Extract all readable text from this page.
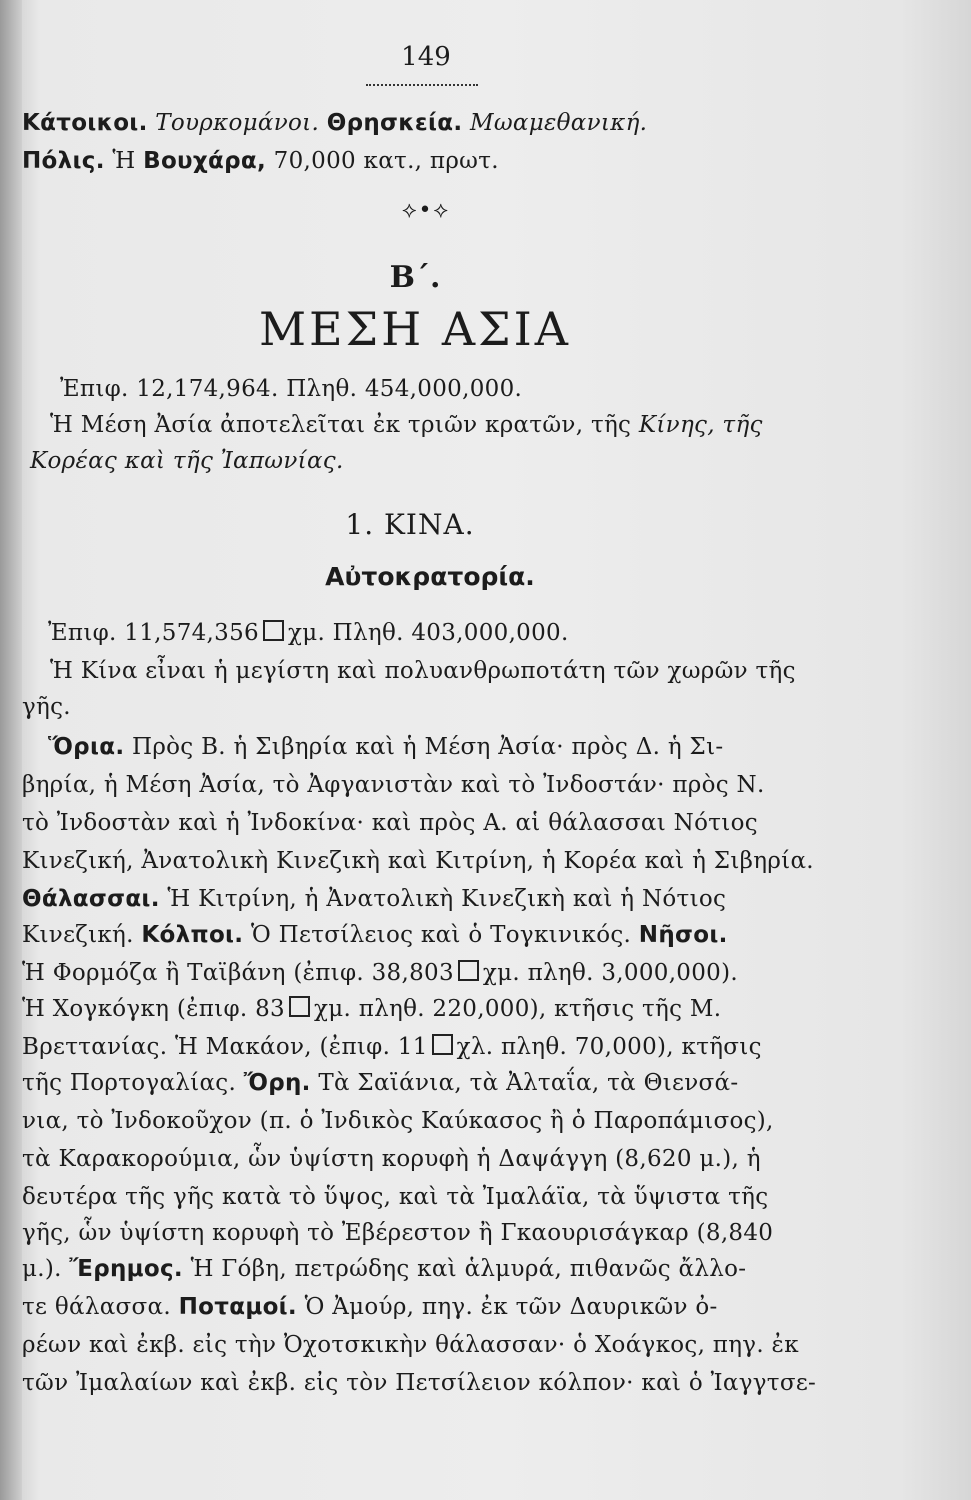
149
Κάτοικοι. Τουρκομάνοι. Θρησκεία. Μωαμεθανική.
Πόλις. Ἡ Βουχάρα, 70,000 κατ., πρωτ.
⟡•⟡
Β΄.
ΜΕΣΗ ΑΣΙΑ
Ἐπιφ. 12,174,964. Πληθ. 454,000,000.
Ἡ Μέση Ἀσία ἀποτελεῖται ἐκ τριῶν κρατῶν, τῆς Κίνης, τῆς
Κορέας καὶ τῆς Ἰαπωνίας.
1. ΚΙΝΑ.
Αὐτοκρατορία.
Ἐπιφ. 11,574,356 χμ. Πληθ. 403,000,000.
Ἡ Κίνα εἶναι ἡ μεγίστη καὶ πολυανθρωποτάτη τῶν χωρῶν τῆς
γῆς.
Ὅρια. Πρὸς Β. ἡ Σιβηρία καὶ ἡ Μέση Ἀσία· πρὸς Δ. ἡ Σι-
βηρία, ἡ Μέση Ἀσία, τὸ Ἀφγανιστὰν καὶ τὸ Ἰνδοστάν· πρὸς Ν.
τὸ Ἰνδοστὰν καὶ ἡ Ἰνδοκίνα· καὶ πρὸς Α. αἱ θάλασσαι Νότιος
Κινεζική, Ἀνατολικὴ Κινεζικὴ καὶ Κιτρίνη, ἡ Κορέα καὶ ἡ Σιβηρία.
Θάλασσαι. Ἡ Κιτρίνη, ἡ Ἀνατολικὴ Κινεζικὴ καὶ ἡ Νότιος
Κινεζική. Κόλποι. Ὁ Πετσίλειος καὶ ὁ Τογκινικός. Νῆσοι.
Ἡ Φορμόζα ἢ Ταϊβάνη (ἐπιφ. 38,803 χμ. πληθ. 3,000,000).
Ἡ Χογκόγκη (ἐπιφ. 83 χμ. πληθ. 220,000), κτῆσις τῆς Μ.
Βρεττανίας. Ἡ Μακάον, (ἐπιφ. 11 χλ. πληθ. 70,000), κτῆσις
τῆς Πορτογαλίας. Ὄρη. Τὰ Σαϊάνια, τὰ Ἀλταΐα, τὰ Θιενσά-
νια, τὸ Ἰνδοκοῦχον (π. ὁ Ἰνδικὸς Καύκασος ἢ ὁ Παροπάμισος),
τὰ Καρακορούμια, ὧν ὑψίστη κορυφὴ ἡ Δαψάγγη (8,620 μ.), ἡ
δευτέρα τῆς γῆς κατὰ τὸ ὕψος, καὶ τὰ Ἰμαλάϊα, τὰ ὕψιστα τῆς
γῆς, ὧν ὑψίστη κορυφὴ τὸ Ἐβέρεστον ἢ Γκαουρισάγκαρ (8,840
μ.). Ἔρημος. Ἡ Γόβη, πετρώδης καὶ ἁλμυρά, πιθανῶς ἄλλο-
τε θάλασσα. Ποταμοί. Ὁ Ἀμούρ, πηγ. ἐκ τῶν Δαυρικῶν ὀ-
ρέων καὶ ἐκβ. εἰς τὴν Ὀχοτσκικὴν θάλασσαν· ὁ Χοάγκος, πηγ. ἐκ
τῶν Ἰμαλαίων καὶ ἐκβ. εἰς τὸν Πετσίλειον κόλπον· καὶ ὁ Ἰαγγτσε-
